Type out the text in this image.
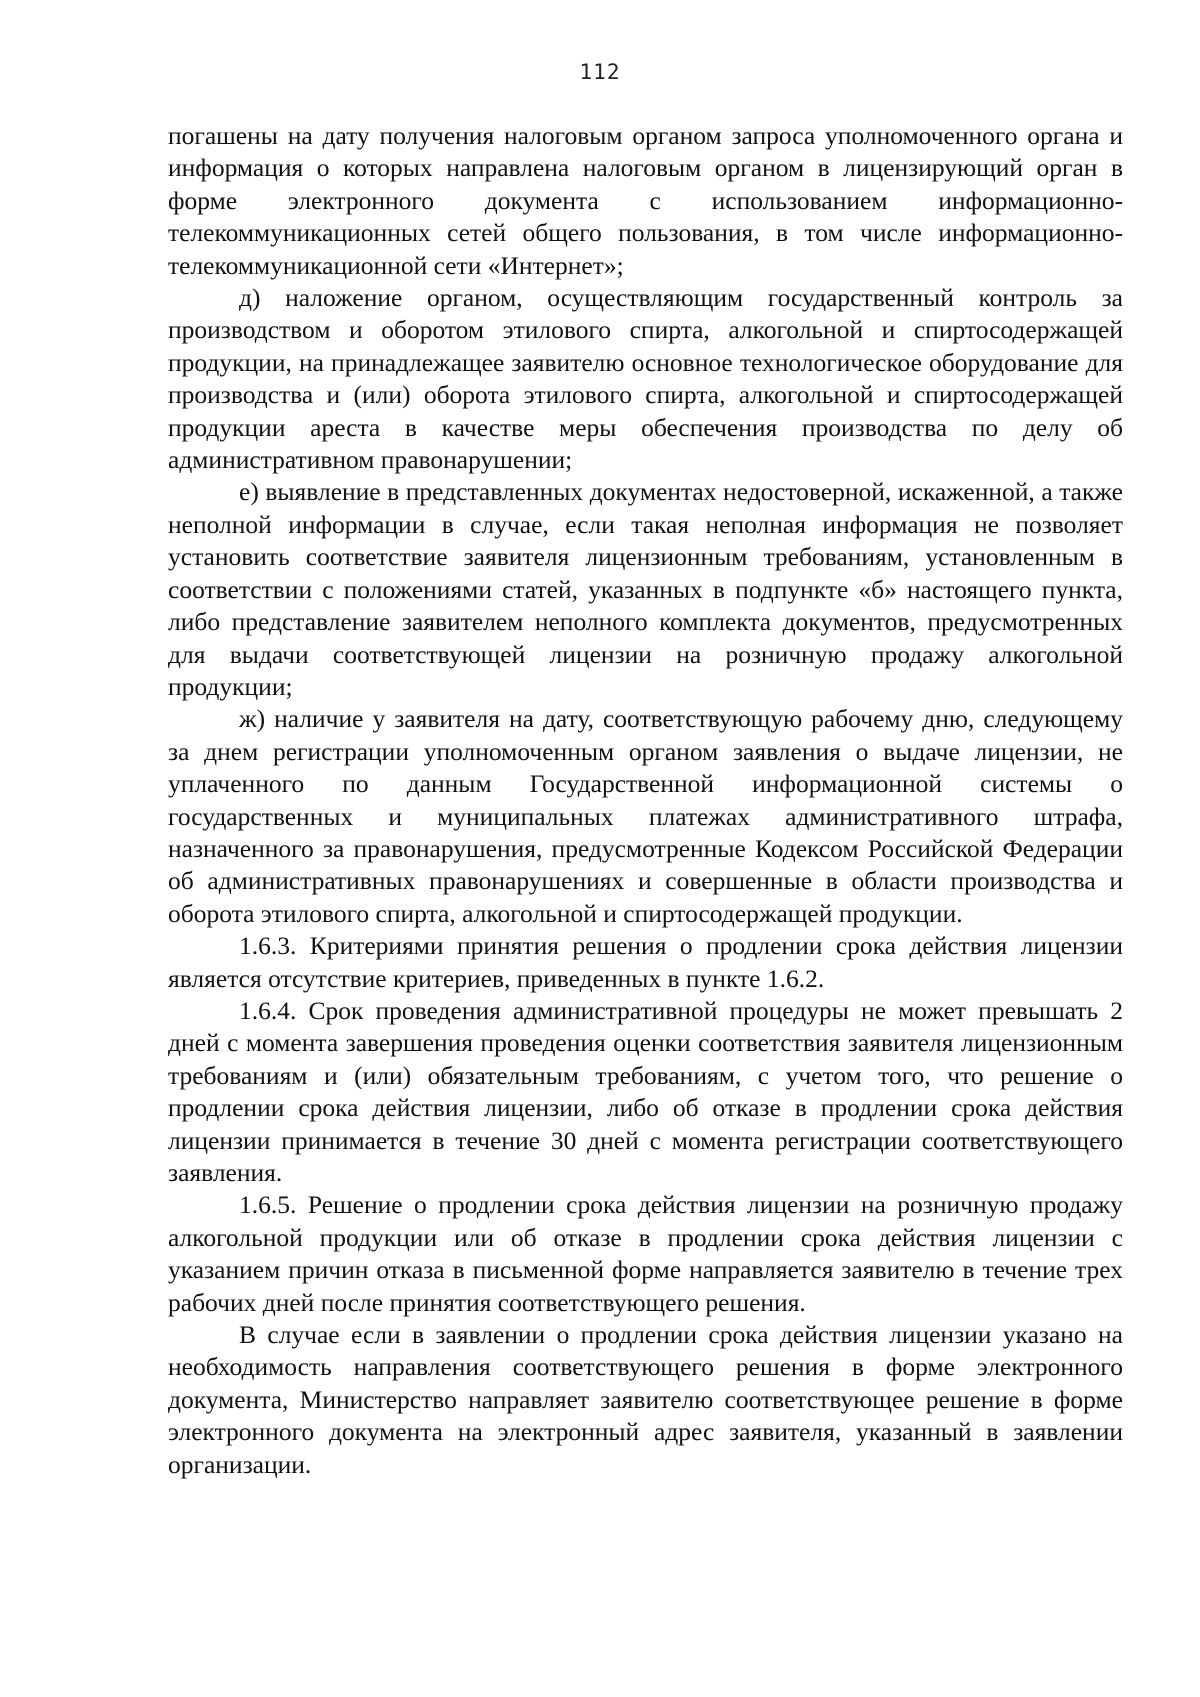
112

погашены на дату получения налоговым органом запроса уполномоченного органа и информация о которых направлена налоговым органом в лицензирующий орган в форме электронного документа с использованием информационно-телекоммуникационных сетей общего пользования, в том числе информационно-телекоммуникационной сети «Интернет»;

д) наложение органом, осуществляющим государственный контроль за производством и оборотом этилового спирта, алкогольной и спиртосодержащей продукции, на принадлежащее заявителю основное технологическое оборудование для производства и (или) оборота этилового спирта, алкогольной и спиртосодержащей продукции ареста в качестве меры обеспечения производства по делу об административном правонарушении;

е) выявление в представленных документах недостоверной, искаженной, а также неполной информации в случае, если такая неполная информация не позволяет установить соответствие заявителя лицензионным требованиям, установленным в соответствии с положениями статей, указанных в подпункте «б» настоящего пункта, либо представление заявителем неполного комплекта документов, предусмотренных для выдачи соответствующей лицензии на розничную продажу алкогольной продукции;

ж) наличие у заявителя на дату, соответствующую рабочему дню, следующему за днем регистрации уполномоченным органом заявления о выдаче лицензии, не уплаченного по данным Государственной информационной системы о государственных и муниципальных платежах административного штрафа, назначенного за правонарушения, предусмотренные Кодексом Российской Федерации об административных правонарушениях и совершенные в области производства и оборота этилового спирта, алкогольной и спиртосодержащей продукции.

1.6.3. Критериями принятия решения о продлении срока действия лицензии является отсутствие критериев, приведенных в пункте 1.6.2.

1.6.4. Срок проведения административной процедуры не может превышать 2 дней с момента завершения проведения оценки соответствия заявителя лицензионным требованиям и (или) обязательным требованиям, с учетом того, что решение о продлении срока действия лицензии, либо об отказе в продлении срока действия лицензии принимается в течение 30 дней с момента регистрации соответствующего заявления.

1.6.5. Решение о продлении срока действия лицензии на розничную продажу алкогольной продукции или об отказе в продлении срока действия лицензии с указанием причин отказа в письменной форме направляется заявителю в течение трех рабочих дней после принятия соответствующего решения.

В случае если в заявлении о продлении срока действия лицензии указано на необходимость направления соответствующего решения в форме электронного документа, Министерство направляет заявителю соответствующее решение в форме электронного документа на электронный адрес заявителя, указанный в заявлении организации.
